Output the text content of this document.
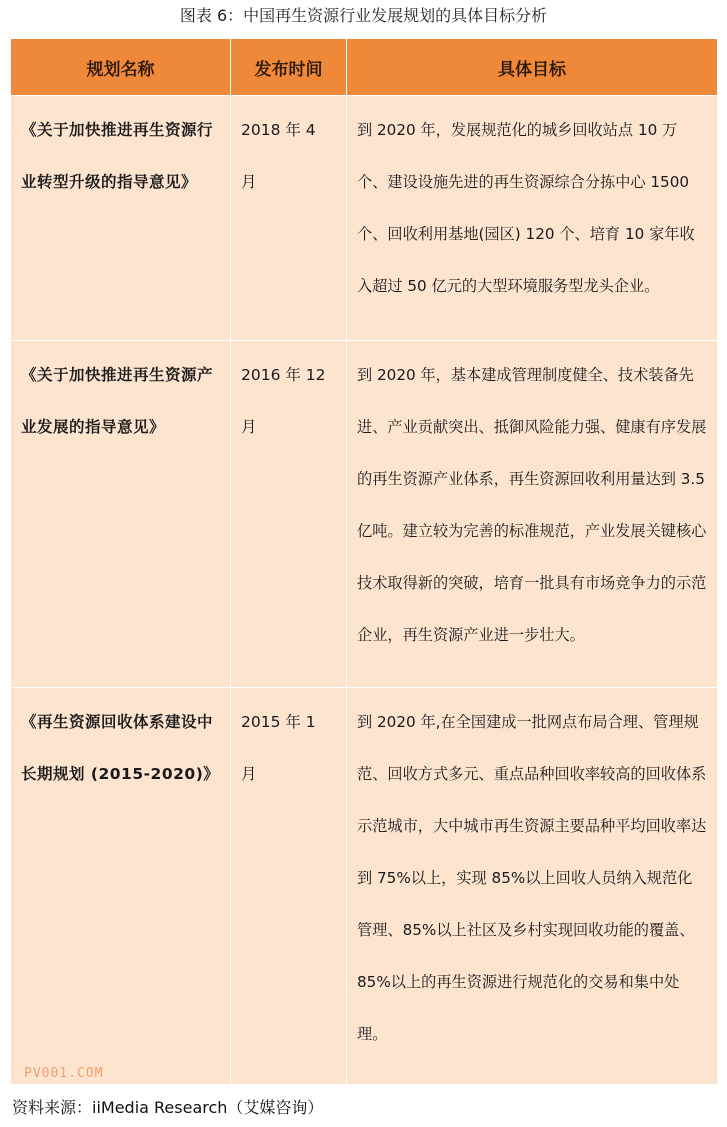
图表 6：中国再生资源行业发展规划的具体目标分析
规划名称	发布时间	具体目标
《关于加快推进再生资源行业转型升级的指导意见》	2018 年 4 月	到 2020 年，发展规范化的城乡回收站点 10 万个、建设设施先进的再生资源综合分拣中心 1500 个、回收利用基地(园区) 120 个、培育 10 家年收入超过 50 亿元的大型环境服务型龙头企业。
《关于加快推进再生资源产业发展的指导意见》	2016 年 12 月	到 2020 年，基本建成管理制度健全、技术装备先进、产业贡献突出、抵御风险能力强、健康有序发展的再生资源产业体系，再生资源回收利用量达到 3.5 亿吨。建立较为完善的标准规范，产业发展关键核心技术取得新的突破，培育一批具有市场竞争力的示范企业，再生资源产业进一步壮大。
《再生资源回收体系建设中长期规划 (2015-2020)》	2015 年 1 月	到 2020 年,在全国建成一批网点布局合理、管理规范、回收方式多元、重点品种回收率较高的回收体系示范城市，大中城市再生资源主要品种平均回收率达到 75%以上，实现 85%以上回收人员纳入规范化管理、85%以上社区及乡村实现回收功能的覆盖、85%以上的再生资源进行规范化的交易和集中处理。
PV001.COM
资料来源：iiMedia Research（艾媒咨询）
